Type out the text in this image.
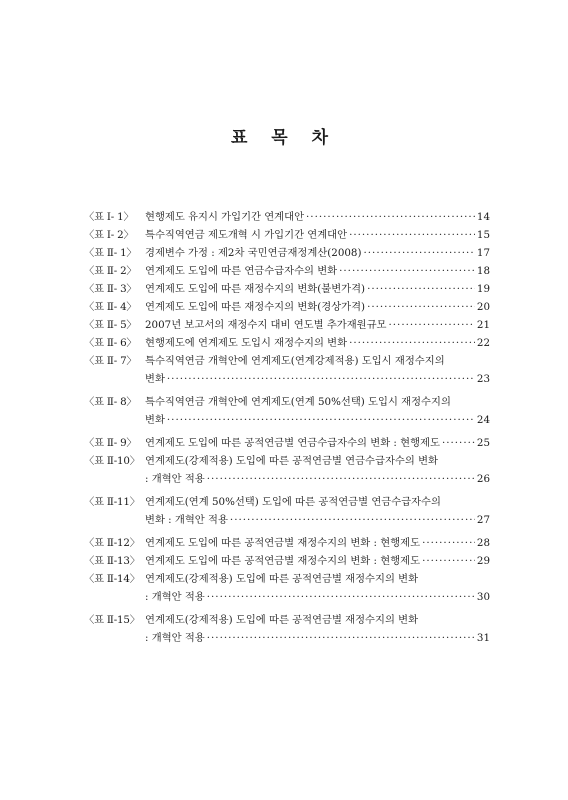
표 목 차
〈표 Ⅰ- 1〉	현행제도 유지시 가입기간 연계대안 ·····	14
〈표 Ⅰ- 2〉	특수직역연금 제도개혁 시 가입기간 연계대안 ·····	15
〈표 Ⅱ- 1〉 경제변수 가정 : 제2차 국민연금재정계산(2008) ·····	17
〈표 Ⅱ- 2〉 연계제도 도입에 따른 연금수급자수의 변화 ·····	18
〈표 Ⅱ- 3〉 연계제도 도입에 따른 재정수지의 변화(불변가격) ·····	19
〈표 Ⅱ- 4〉 연계제도 도입에 따른 재정수지의 변화(경상가격) ·····	20
〈표 Ⅱ- 5〉 2007년 보고서의 재정수지 대비 연도별 추가재원규모 ·····	21
〈표 Ⅱ- 6〉 현행제도에 연계제도 도입시 재정수지의 변화 ·····	22
〈표 Ⅱ- 7〉 특수직역연금 개혁안에 연계제도(연계강제적용) 도입시 재정수지의
변화 ·····	23
〈표 Ⅱ- 8〉 특수직역연금 개혁안에 연계제도(연계 50%선택) 도입시 재정수지의
변화 ·····	24
〈표 Ⅱ- 9〉 연계제도 도입에 따른 공적연금별 연금수급자수의 변화 : 현행제도 ·····	25
〈표 Ⅱ-10〉 연계제도(강제적용) 도입에 따른 공적연금별 연금수급자수의 변화
: 개혁안 적용 ·····	26
〈표 Ⅱ-11〉 연계제도(연계 50%선택) 도입에 따른 공적연금별 연금수급자수의
변화 : 개혁안 적용 ·····	27
〈표 Ⅱ-12〉 연계제도 도입에 따른 공적연금별 재정수지의 변화 : 현행제도 ·····	28
〈표 Ⅱ-13〉 연계제도 도입에 따른 공적연금별 재정수지의 변화 : 현행제도 ·····	29
〈표 Ⅱ-14〉 연계제도(강제적용) 도입에 따른 공적연금별 재정수지의 변화
: 개혁안 적용 ·····	30
〈표 Ⅱ-15〉 연계제도(강제적용) 도입에 따른 공적연금별 재정수지의 변화
: 개혁안 적용 ·····	31
